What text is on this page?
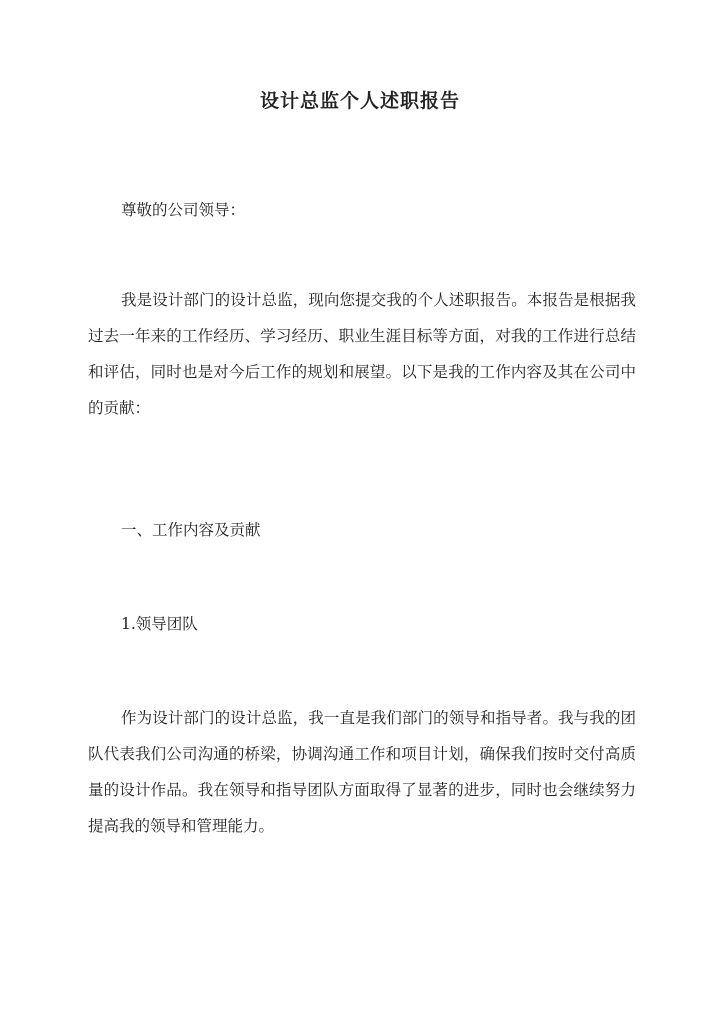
设计总监个人述职报告

尊敬的公司领导：

我是设计部门的设计总监，现向您提交我的个人述职报告。本报告是根据我过去一年来的工作经历、学习经历、职业生涯目标等方面，对我的工作进行总结和评估，同时也是对今后工作的规划和展望。以下是我的工作内容及其在公司中的贡献：

一、工作内容及贡献

1.领导团队

作为设计部门的设计总监，我一直是我们部门的领导和指导者。我与我的团队代表我们公司沟通的桥梁，协调沟通工作和项目计划，确保我们按时交付高质量的设计作品。我在领导和指导团队方面取得了显著的进步，同时也会继续努力提高我的领导和管理能力。
